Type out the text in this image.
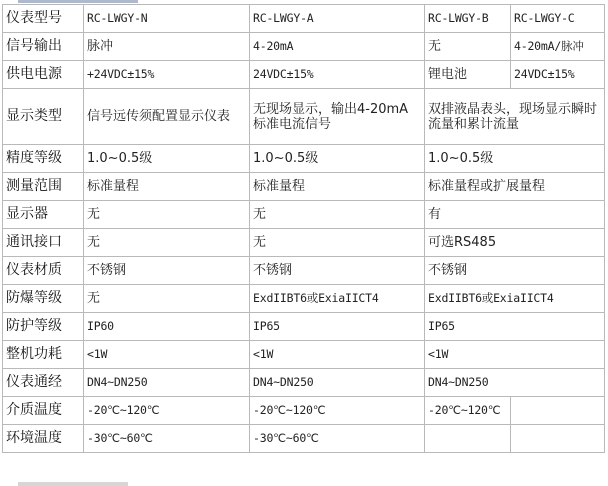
仪表型号	RC-LWGY-N	RC-LWGY-A	RC-LWGY-B	RC-LWGY-C
信号输出	脉冲	4-20mA	无	4-20mA/脉冲
供电电源	+24VDC±15%	24VDC±15%	锂电池	24VDC±15%
显示类型	信号远传须配置显示仪表	无现场显示，输出4-20mA标准电流信号	双排液晶表头，现场显示瞬时流量和累计流量	
精度等级	1.0~0.5级	1.0~0.5级	1.0~0.5级	
测量范围	标准量程	标准量程	标准量程或扩展量程	
显示器	无	无	有	
通讯接口	无	无	可选RS485	
仪表材质	不锈钢	不锈钢	不锈钢	
防爆等级	无	ExdIIBT6或ExiaIICT4	ExdIIBT6或ExiaIICT4	
防护等级	IP60	IP65	IP65	
整机功耗	<1W	<1W	<1W	
仪表通经	DN4~DN250	DN4~DN250	DN4~DN250	
介质温度	-20℃~120℃	-20℃~120℃	-20℃~120℃	
环境温度	-30℃~60℃	-30℃~60℃		
